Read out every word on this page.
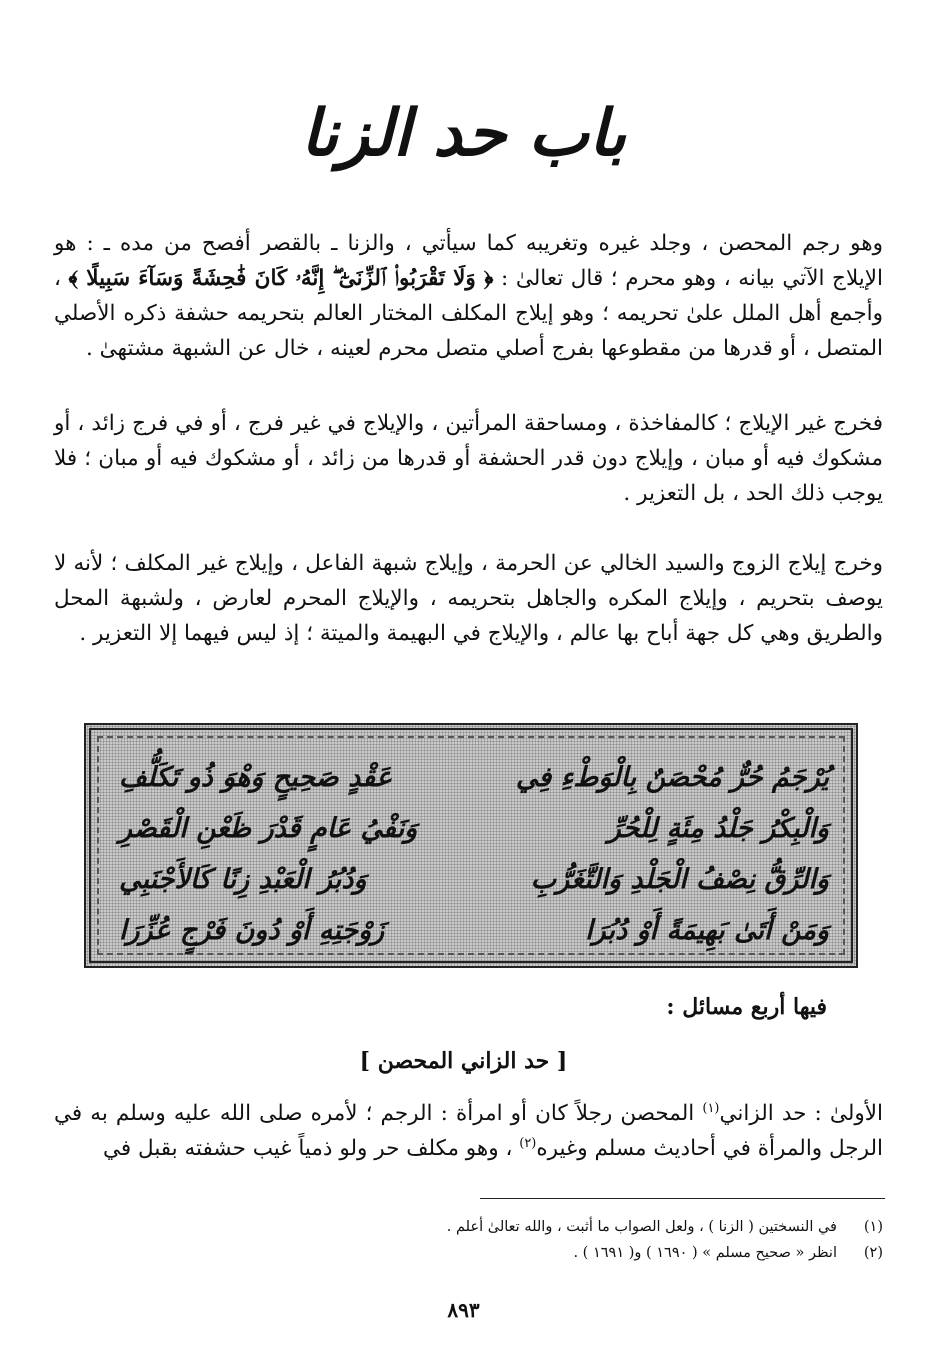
باب حد الزنا

وهو رجم المحصن ، وجلد غيره وتغريبه كما سيأتي ، والزنا ـ بالقصر أفصح من مده ـ : هو الإيلاج الآتي بيانه ، وهو محرم ؛ قال تعالىٰ : ﴿ وَلَا تَقْرَبُوا۟ ٱلزِّنَىٰٓ ۖ إِنَّهُۥ كَانَ فَٰحِشَةً وَسَآءَ سَبِيلًا ﴾ ، وأجمع أهل الملل علىٰ تحريمه ؛ وهو إيلاج المكلف المختار العالم بتحريمه حشفة ذكره الأصلي المتصل ، أو قدرها من مقطوعها بفرج أصلي متصل محرم لعينه ، خال عن الشبهة مشتهىٰ .

فخرج غير الإيلاج ؛ كالمفاخذة ، ومساحقة المرأتين ، والإيلاج في غير فرج ، أو في فرج زائد ، أو مشكوك فيه أو مبان ، وإيلاج دون قدر الحشفة أو قدرها من زائد ، أو مشكوك فيه أو مبان ؛ فلا يوجب ذلك الحد ، بل التعزير .

وخرج إيلاج الزوج والسيد الخالي عن الحرمة ، وإيلاج شبهة الفاعل ، وإيلاج غير المكلف ؛ لأنه لا يوصف بتحريم ، وإيلاج المكره والجاهل بتحريمه ، والإيلاج المحرم لعارض ، ولشبهة المحل والطريق وهي كل جهة أباح بها عالم ، والإيلاج في البهيمة والميتة ؛ إذ ليس فيهما إلا التعزير .

يُرْجَمُ حُرٌّ مُحْصَنٌ بِالْوَطْءِ فِي
عَقْدٍ صَحِيحٍ وَهْوَ ذُو تَكَلُّفِ
وَالْبِكْرُ جَلْدُ مِئَةٍ لِلْحُرِّ
وَنَفْيُ عَامٍ قَدْرَ ظَعْنِ الْقَصْرِ
وَالرِّقُّ نِصْفُ الْجَلْدِ وَالتَّغَرُّبِ
وَدُبُرُ الْعَبْدِ زِنًا كَالأَجْنَبِي
وَمَنْ أَتَىٰ بَهِيمَةً أَوْ دُبُرَا
زَوْجَتِهِ أَوْ دُونَ فَرْجٍ عُزِّرَا
فيها أربع مسائل :
[ حد الزاني المحصن ]

الأولىٰ : حد الزاني$^{(١)}$ المحصن رجلاً كان أو امرأة : الرجم ؛ لأمره صلى الله عليه وسلم به في الرجل والمرأة في أحاديث مسلم وغيره$^{(٢)}$ ، وهو مكلف حر ولو ذمياً غيب حشفته بقبل في

(١)
في النسختين ( الزنا ) ، ولعل الصواب ما أثبت ، والله تعالىٰ أعلم .
(٢)
انظر « صحيح مسلم » ( ١٦٩٠ ) و( ١٦٩١ ) .
٨٩٣
